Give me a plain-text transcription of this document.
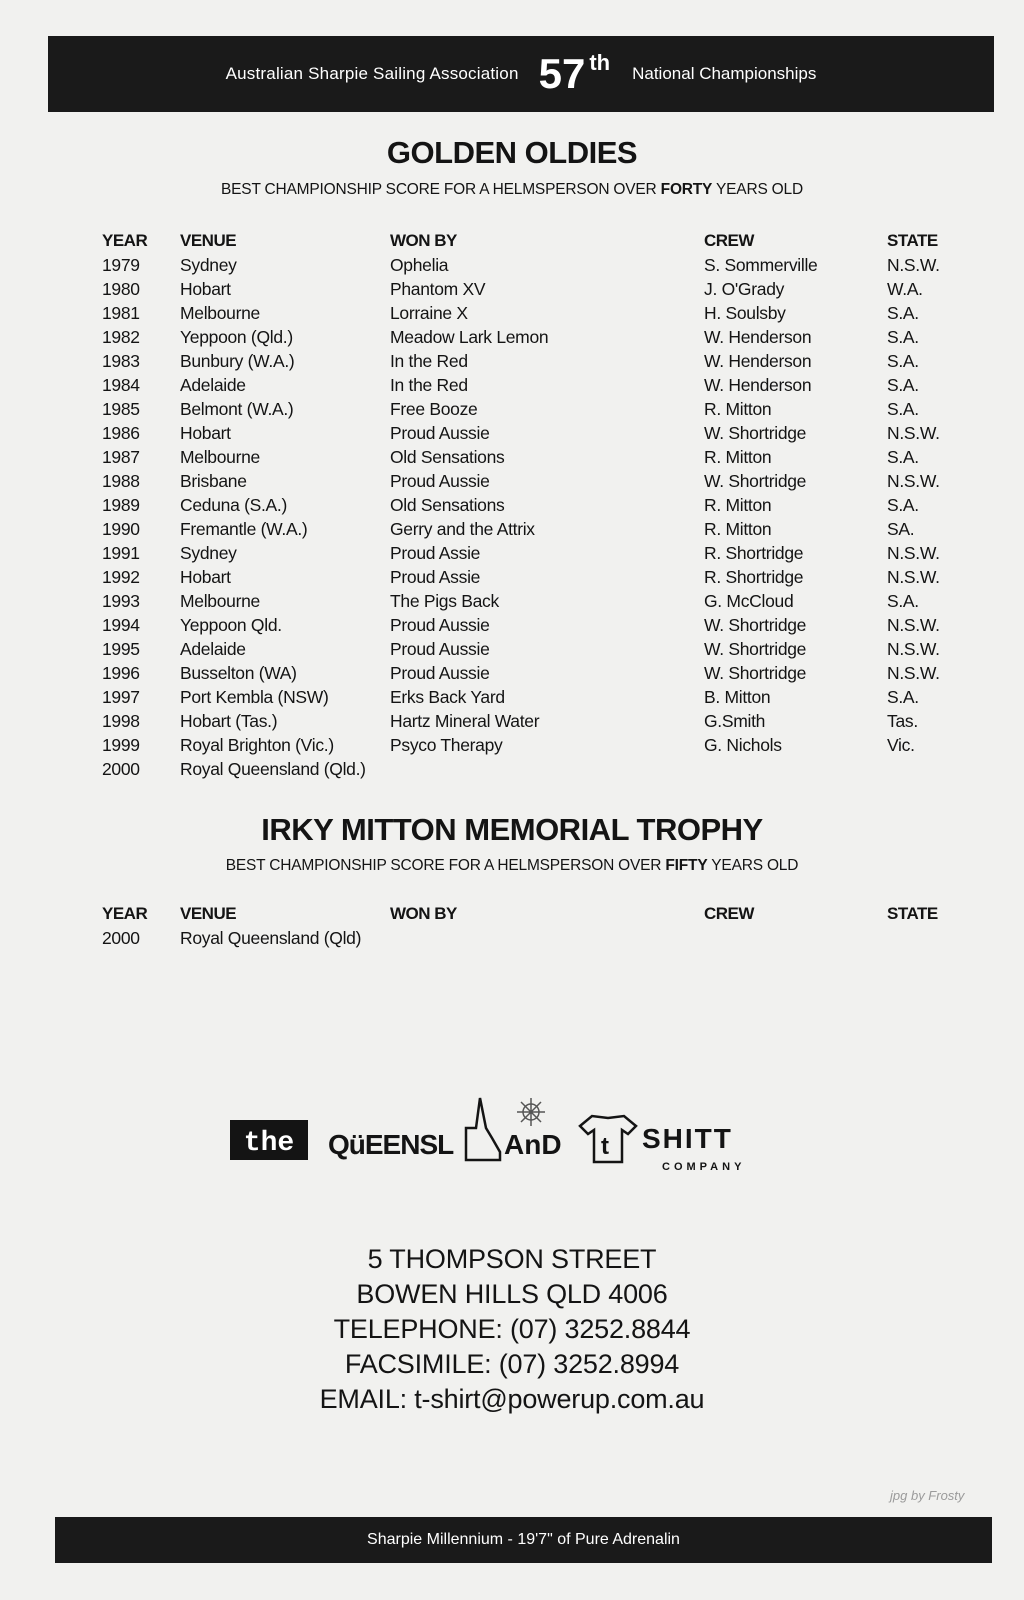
Australian Sharpie Sailing Association 57 th National Championships
GOLDEN OLDIES
BEST CHAMPIONSHIP SCORE FOR A HELMSPERSON OVER FORTY YEARS OLD
YEAR VENUE	WON BY	CREW	STATE
1979 Sydney	Ophelia	S. Sommerville	N.S.W.
1980 Hobart	Phantom XV	J. O'Grady	W.A.
1981 Melbourne	Lorraine X	H. Soulsby	S.A.
1982 Yeppoon (Qld.)	Meadow Lark Lemon	W. Henderson	S.A.
1983 Bunbury (W.A.)	In the Red	W. Henderson	S.A.
1984 Adelaide	In the Red	W. Henderson	S.A.
1985 Belmont (W.A.)	Free Booze	R. Mitton	S.A.
1986 Hobart	Proud Aussie	W. Shortridge	N.S.W.
1987 Melbourne	Old Sensations	R. Mitton	S.A.
1988 Brisbane	Proud Aussie	W. Shortridge	N.S.W.
1989 Ceduna (S.A.)	Old Sensations	R. Mitton	S.A.
1990 Fremantle (W.A.)	Gerry and the Attrix	R. Mitton	SA.
1991 Sydney	Proud Assie	R. Shortridge	N.S.W.
1992 Hobart	Proud Assie	R. Shortridge	N.S.W.
1993 Melbourne	The Pigs Back	G. McCloud	S.A.
1994 Yeppoon Qld.	Proud Aussie	W. Shortridge	N.S.W.
1995 Adelaide	Proud Aussie	W. Shortridge	N.S.W.
1996 Busselton (WA)	Proud Aussie	W. Shortridge	N.S.W.
1997 Port Kembla (NSW)	Erks Back Yard	B. Mitton	S.A.
1998 Hobart (Tas.)	Hartz Mineral Water	G.Smith	Tas.
1999 Royal Brighton (Vic.)	Psyco Therapy	G. Nichols	Vic.
2000 Royal Queensland (Qld.)
IRKY MITTON MEMORIAL TROPHY
BEST CHAMPIONSHIP SCORE FOR A HELMSPERSON OVER FIFTY YEARS OLD
YEAR VENUE	WON BY	CREW	STATE
2000 Royal Queensland (Qld)
the QüEENSL AnD t SHITT
COMPANY
5 THOMPSON STREET
BOWEN HILLS QLD 4006
TELEPHONE: (07) 3252.8844
FACSIMILE: (07) 3252.8994
EMAIL: t-shirt@powerup.com.au
jpg by Frosty
Sharpie Millennium - 19'7" of Pure Adrenalin
